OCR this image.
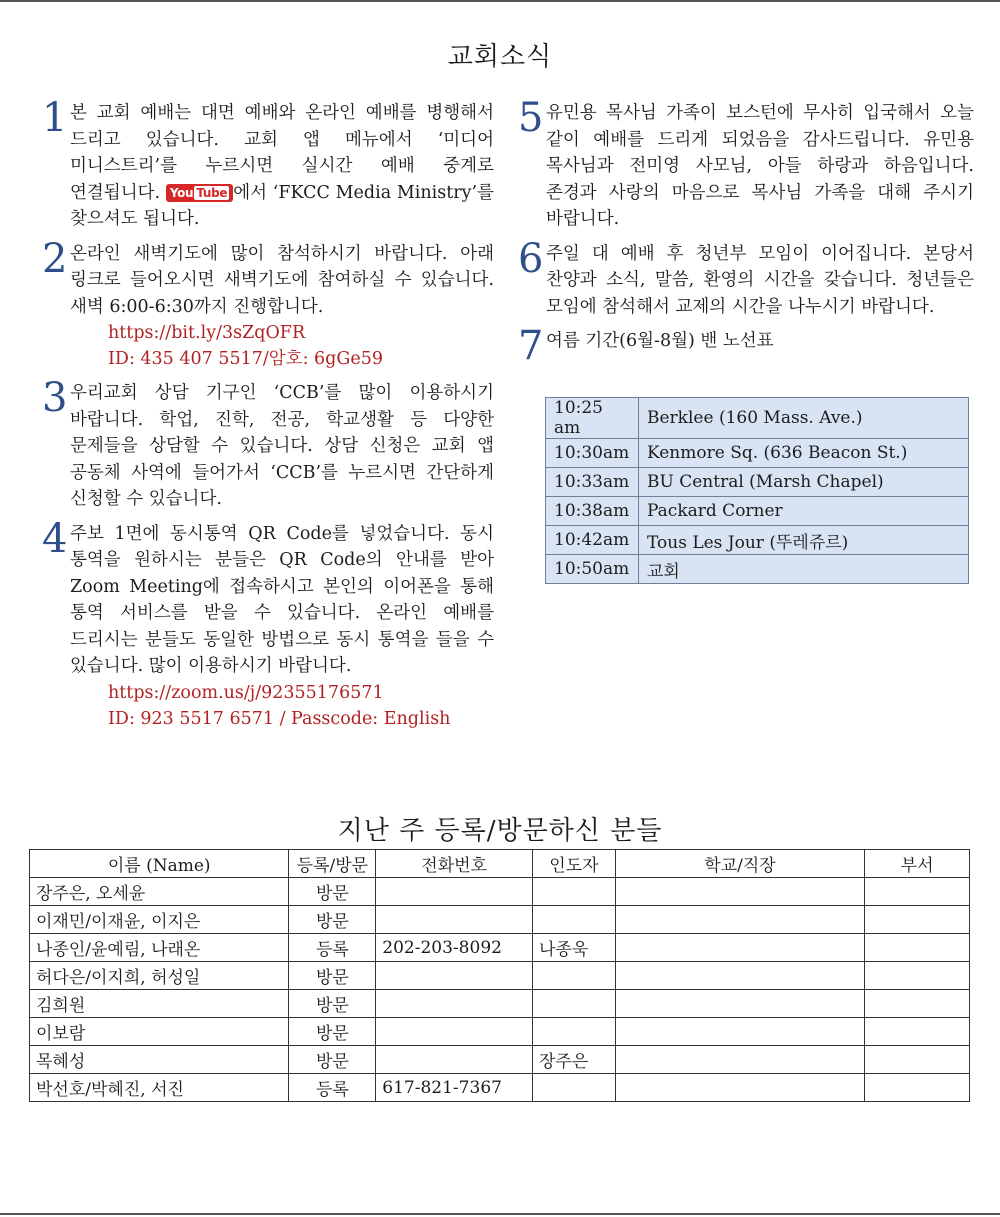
교회소식
1 본 교회 예배는 대면 예배와 온라인 예배를 병행해서 드리고 있습니다. 교회 앱 메뉴에서 ‘미디어 미니스트리’를 누르시면 실시간 예배 중계로 연결됩니다. You Tube 에서 ‘FKCC Media Ministry’를 찾으셔도 됩니다.
2 온라인 새벽기도에 많이 참석하시기 바랍니다. 아래 링크로 들어오시면 새벽기도에 참여하실 수 있습니다. 새벽 6:00-6:30까지 진행합니다.
https://bit.ly/3sZqOFR
ID: 435 407 5517/암호: 6gGe59
3 우리교회 상담 기구인 ‘CCB’를 많이 이용하시기 바랍니다. 학업, 진학, 전공, 학교생활 등 다양한 문제들을 상담할 수 있습니다. 상담 신청은 교회 앱 공동체 사역에 들어가서 ‘CCB’를 누르시면 간단하게 신청할 수 있습니다.
4 주보 1면에 동시통역 QR Code를 넣었습니다. 동시 통역을 원하시는 분들은 QR Code의 안내를 받아 Zoom Meeting에 접속하시고 본인의 이어폰을 통해 통역 서비스를 받을 수 있습니다. 온라인 예배를 드리시는 분들도 동일한 방법으로 동시 통역을 들을 수 있습니다. 많이 이용하시기 바랍니다.
https://zoom.us/j/92355176571
ID: 923 5517 6571 / Passcode: English
5 유민용 목사님 가족이 보스턴에 무사히 입국해서 오늘 같이 예배를 드리게 되었음을 감사드립니다. 유민용 목사님과 전미영 사모님, 아들 하랑과 하음입니다. 존경과 사랑의 마음으로 목사님 가족을 대해 주시기 바랍니다.
6 주일 대 예배 후 청년부 모임이 이어집니다. 본당서 찬양과 소식, 말씀, 환영의 시간을 갖습니다. 청년들은 모임에 참석해서 교제의 시간을 나누시기 바랍니다.
7 여름 기간(6월-8월) 밴 노선표
10:25 am	Berklee (160 Mass. Ave.)
10:30am	Kenmore Sq. (636 Beacon St.)
10:33am	BU Central (Marsh Chapel)
10:38am	Packard Corner
10:42am	Tous Les Jour (뚜레쥬르)
10:50am	교회
지난 주 등록/방문하신 분들
이름 (Name)	등록/방문	전화번호	인도자	학교/직장	부서
장주은, 오세윤	방문				
이재민/이재윤, 이지은	방문				
나종인/윤예림, 나래온	등록	202-203-8092	나종욱		
허다은/이지희, 허성일	방문				
김희원	방문				
이보람	방문				
목혜성	방문		장주은		
박선호/박혜진, 서진	등록	617-821-7367			
